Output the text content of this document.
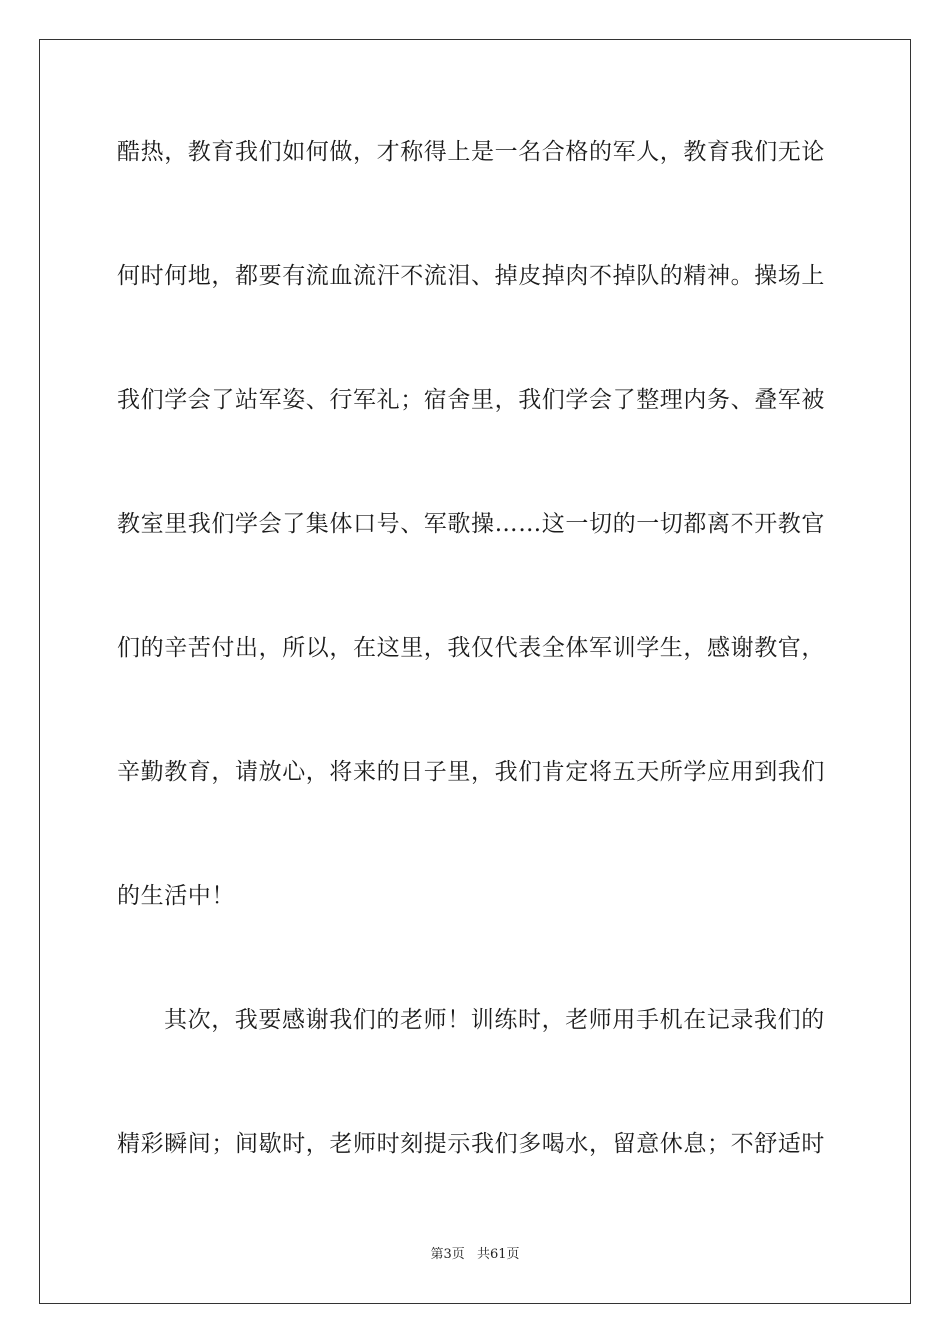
酷热，教育我们如何做，才称得上是一名合格的军人，教育我们无论
何时何地，都要有流血流汗不流泪、掉皮掉肉不掉队的精神。操场上
我们学会了站军姿、行军礼；宿舍里，我们学会了整理内务、叠军被
教室里我们学会了集体口号、军歌操……这一切的一切都离不开教官
们的辛苦付出，所以，在这里，我仅代表全体军训学生，感谢教官，
辛勤教育，请放心，将来的日子里，我们肯定将五天所学应用到我们
的生活中！
其次，我要感谢我们的老师！训练时，老师用手机在记录我们的
精彩瞬间；间歇时，老师时刻提示我们多喝水，留意休息；不舒适时
第3页 共61页
